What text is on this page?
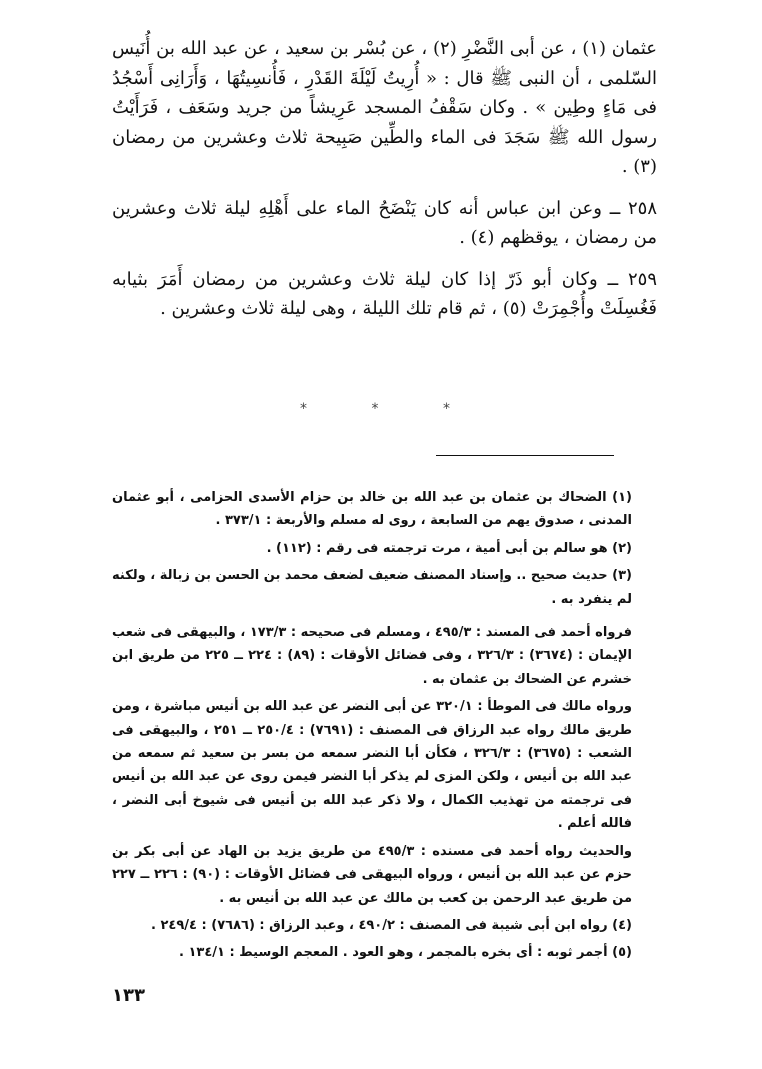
عثمان (١) ، عن أبى النَّضْرِ (٢) ، عن بُسْر بن سعيد ، عن عبد الله بن أُنَيس السّلمى ، أن النبى ﷺ قال : « أُرِيتُ لَيْلَةَ القَدْرِ ، فَأُنسِيتُهَا ، وَأَرَانِى أَسْجُدُ فى مَاءٍ وطِين » . وكان سَقْفُ المسجد عَرِيشاً من جريد وسَعَف ، فَرَأَيْتُ رسول الله ﷺ سَجَدَ فى الماء والطِّين صَبِيحة ثلاث وعشرين من رمضان (٣) .

٢٥٨ ــ وعن ابن عباس أنه كان يَنْضَحُ الماء على أَهْلِهِ ليلة ثلاث وعشرين من رمضان ، يوقظهم (٤) .

٢٥٩ ــ وكان أبو ذَرّ إذا كان ليلة ثلاث وعشرين من رمضان أَمَرَ بثيابه فَغُسِلَتْ وأُجْمِرَتْ (٥) ، ثم قام تلك الليلة ، وهى ليلة ثلاث وعشرين .

*	*	*

(١) الضحاك بن عثمان بن عبد الله بن خالد بن حزام الأسدى الحزامى ، أبو عثمان المدنى ، صدوق يهم من السابعة ، روى له مسلم والأربعة : ٣٧٣/١ .

(٢) هو سالم بن أبى أمية ، مرت ترجمته فى رقم : (١١٢) .

(٣) حديث صحيح .. وإسناد المصنف ضعيف لضعف محمد بن الحسن بن زبالة ، ولكنه لم ينفرد به .

فرواه أحمد فى المسند : ٤٩٥/٣ ، ومسلم فى صحيحه : ١٧٣/٣ ، والبيهقى فى شعب الإيمان : (٣٦٧٤) : ٣٢٦/٣ ، وفى فضائل الأوقات : (٨٩) : ٢٢٤ ــ ٢٢٥ من طريق ابن خشرم عن الضحاك بن عثمان به .

ورواه مالك فى الموطأ : ٣٢٠/١ عن أبى النضر عن عبد الله بن أنيس مباشرة ، ومن طريق مالك رواه عبد الرزاق فى المصنف : (٧٦٩١) : ٢٥٠/٤ ــ ٢٥١ ، والبيهقى فى الشعب : (٣٦٧٥) : ٣٢٦/٣ ، فكأن أبا النضر سمعه من بسر بن سعيد ثم سمعه من عبد الله بن أنيس ، ولكن المزى لم يذكر أبا النضر فيمن روى عن عبد الله بن أنيس فى ترجمته من تهذيب الكمال ، ولا ذكر عبد الله بن أنيس فى شيوخ أبى النضر ، فالله أعلم .

والحديث رواه أحمد فى مسنده : ٤٩٥/٣ من طريق يزيد بن الهاد عن أبى بكر بن حزم عن عبد الله بن أنيس ، ورواه البيهقى فى فضائل الأوقات : (٩٠) : ٢٢٦ ــ ٢٢٧ من طريق عبد الرحمن بن كعب بن مالك عن عبد الله بن أنيس به .

(٤) رواه ابن أبى شيبة فى المصنف : ٤٩٠/٢ ، وعبد الرزاق : (٧٦٨٦) : ٢٤٩/٤ .

(٥) أجمر ثوبه : أى بخره بالمجمر ، وهو العود . المعجم الوسيط : ١٣٤/١ .

١٣٣
